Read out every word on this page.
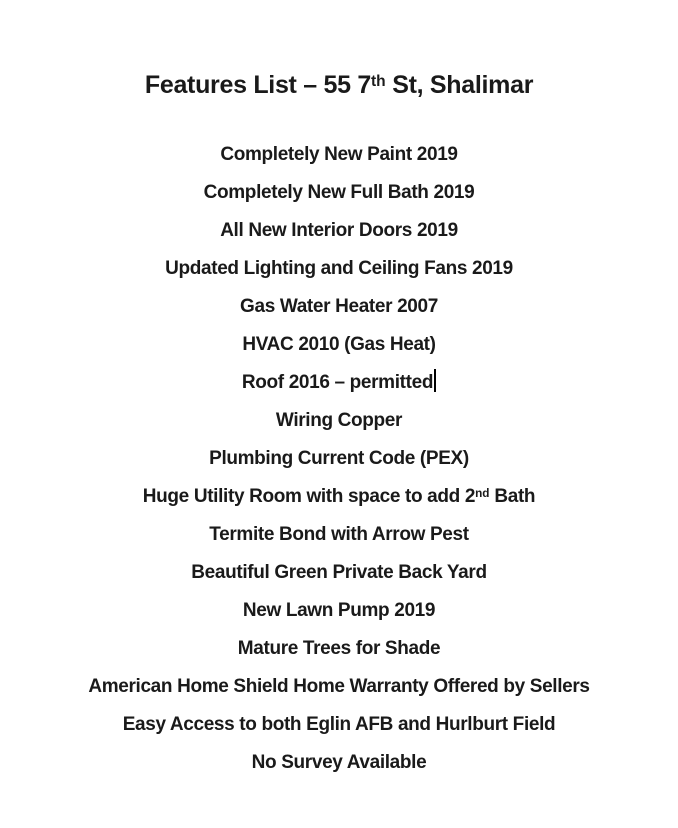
Features List – 55 7th St, Shalimar
Completely New Paint 2019
Completely New Full Bath 2019
All New Interior Doors 2019
Updated Lighting and Ceiling Fans 2019
Gas Water Heater 2007
HVAC 2010 (Gas Heat)
Roof 2016 – permitted
Wiring Copper
Plumbing Current Code (PEX)
Huge Utility Room with space to add 2nd Bath
Termite Bond with Arrow Pest
Beautiful Green Private Back Yard
New Lawn Pump 2019
Mature Trees for Shade
American Home Shield Home Warranty Offered by Sellers
Easy Access to both Eglin AFB and Hurlburt Field
No Survey Available
